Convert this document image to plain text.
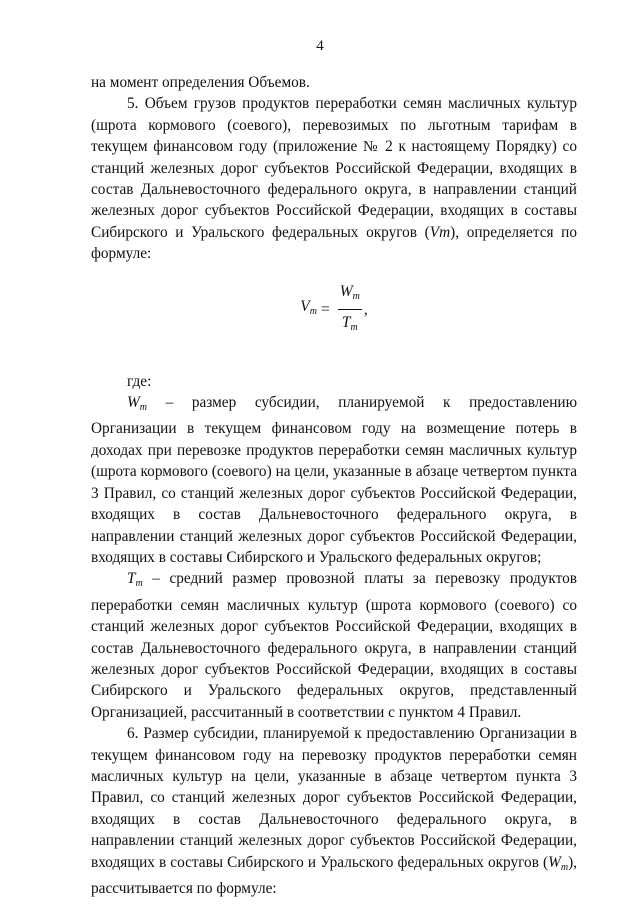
4

на момент определения Объемов.

5. Объем грузов продуктов переработки семян масличных культур (шрота кормового (соевого), перевозимых по льготным тарифам в текущем финансовом году (приложение № 2 к настоящему Порядку) со станций железных дорог субъектов Российской Федерации, входящих в состав Дальневосточного федерального округа, в направлении станций железных дорог субъектов Российской Федерации, входящих в составы Сибирского и Уральского федеральных округов (Vm), определяется по формуле:

$V_m = \frac{W_m}{T_m}$ ,

где:

$W_m$ – размер субсидии, планируемой к предоставлению Организации в текущем финансовом году на возмещение потерь в доходах при перевозке продуктов переработки семян масличных культур (шрота кормового (соевого) на цели, указанные в абзаце четвертом пункта 3 Правил, со станций железных дорог субъектов Российской Федерации, входящих в состав Дальневосточного федерального округа, в направлении станций железных дорог субъектов Российской Федерации, входящих в составы Сибирского и Уральского федеральных округов;

$T_m$ – средний размер провозной платы за перевозку продуктов переработки семян масличных культур (шрота кормового (соевого) со станций железных дорог субъектов Российской Федерации, входящих в состав Дальневосточного федерального округа, в направлении станций железных дорог субъектов Российской Федерации, входящих в составы Сибирского и Уральского федеральных округов, представленный Организацией, рассчитанный в соответствии с пунктом 4 Правил.

6. Размер субсидии, планируемой к предоставлению Организации в текущем финансовом году на перевозку продуктов переработки семян масличных культур на цели, указанные в абзаце четвертом пункта 3 Правил, со станций железных дорог субъектов Российской Федерации, входящих в состав Дальневосточного федерального округа, в направлении станций железных дорог субъектов Российской Федерации, входящих в составы Сибирского и Уральского федеральных округов $(W_m)$, рассчитывается по формуле:
